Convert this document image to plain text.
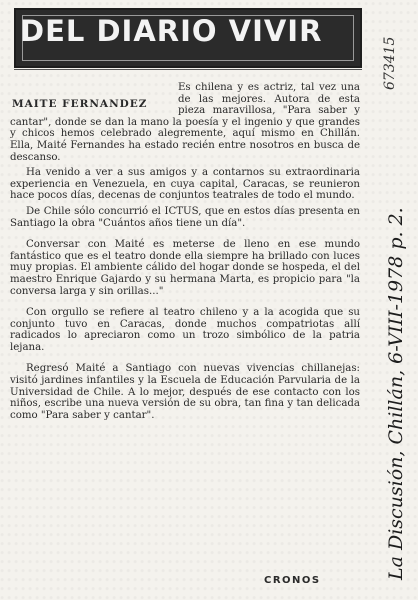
DEL DIARIO VIVIR
MAITE FERNANDEZ

Es chilena y es actriz, tal vez una de las mejores. Autora de esta pieza maravillosa, "Para saber y cantar", donde se dan la mano la poesía y el ingenio y que grandes y chicos hemos celebrado alegremente, aquí mismo en Chillán. Ella, Maité Fernandes ha estado recién entre nosotros en busca de descanso.

Ha venido a ver a sus amigos y a contarnos su extraordinaria experiencia en Venezuela, en cuya capital, Caracas, se reunieron hace pocos días, decenas de conjuntos teatrales de todo el mundo.

De Chile sólo concurrió el ICTUS, que en estos días presenta en Santiago la obra "Cuántos años tiene un día".

Conversar con Maité es meterse de lleno en ese mundo fantástico que es el teatro donde ella siempre ha brillado con luces muy propias. El ambiente cálido del hogar donde se hospeda, el del maestro Enrique Gajardo y su hermana Marta, es propicio para "la conversa larga y sin orillas..."

Con orgullo se refiere al teatro chileno y a la acogida que su conjunto tuvo en Caracas, donde muchos compatriotas allí radicados lo apreciaron como un trozo simbólico de la patria lejana.

Regresó Maité a Santiago con nuevas vivencias chillanejas: visitó jardines infantiles y la Escuela de Educación Parvularia de la Universidad de Chile. A lo mejor, después de ese contacto con los niños, escribe una nueva versión de su obra, tan fina y tan delicada como "Para saber y cantar".

CRONOS
673415
La Discusión, Chillán, 6-VIII-1978 p. 2.
